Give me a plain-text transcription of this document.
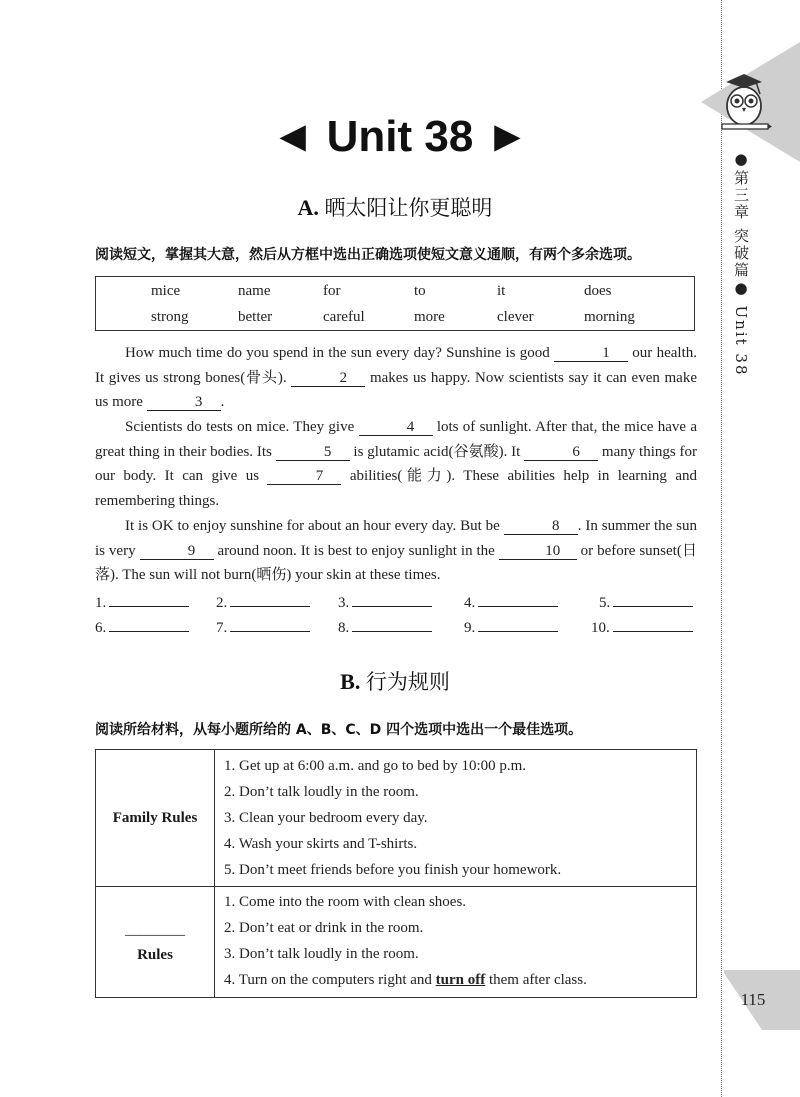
●第三章 突破篇● Unit 38
115
◄ Unit 38 ►
A. 晒太阳让你更聪明
阅读短文，掌握其大意，然后从方框中选出正确选项使短文意义通顺，有两个多余选项。
mice	name	for	to	it	does
strong	better	careful	more	clever	morning
How much time do you spend in the sun every day? Sunshine is good	1 our health. It gives us strong bones(骨头).	2 makes us happy. Now scientists say it can even make us more	3 .
Scientists do tests on mice. They give	4 lots of sunlight. After that, the mice have a great thing in their bodies. Its	5 is glutamic acid(谷氨酸). It	6 many things for our body. It can give us	7 abilities(能力). These abilities help in learning and remembering things.
It is OK to enjoy sunshine for about an hour every day. But be	8 . In summer the sun is very	9 around noon. It is best to enjoy sunlight in the	10 or before sunset(日落). The sun will not burn(晒伤) your skin at these times.
1.	2.	3.	4.	5.
6.	7.	8.	9.	10.
B. 行为规则
阅读所给材料，从每小题所给的 A、B、C、D 四个选项中选出一个最佳选项。
Family Rules
1. Get up at 6:00 a.m. and go to bed by 10:00 p.m.
2. Don’t talk loudly in the room.
3. Clean your bedroom every day.
4. Wash your skirts and T-shirts.
5. Don’t meet friends before you finish your homework.
________
Rules
1. Come into the room with clean shoes.
2. Don’t eat or drink in the room.
3. Don’t talk loudly in the room.
4. Turn on the computers right and turn off them after class.
